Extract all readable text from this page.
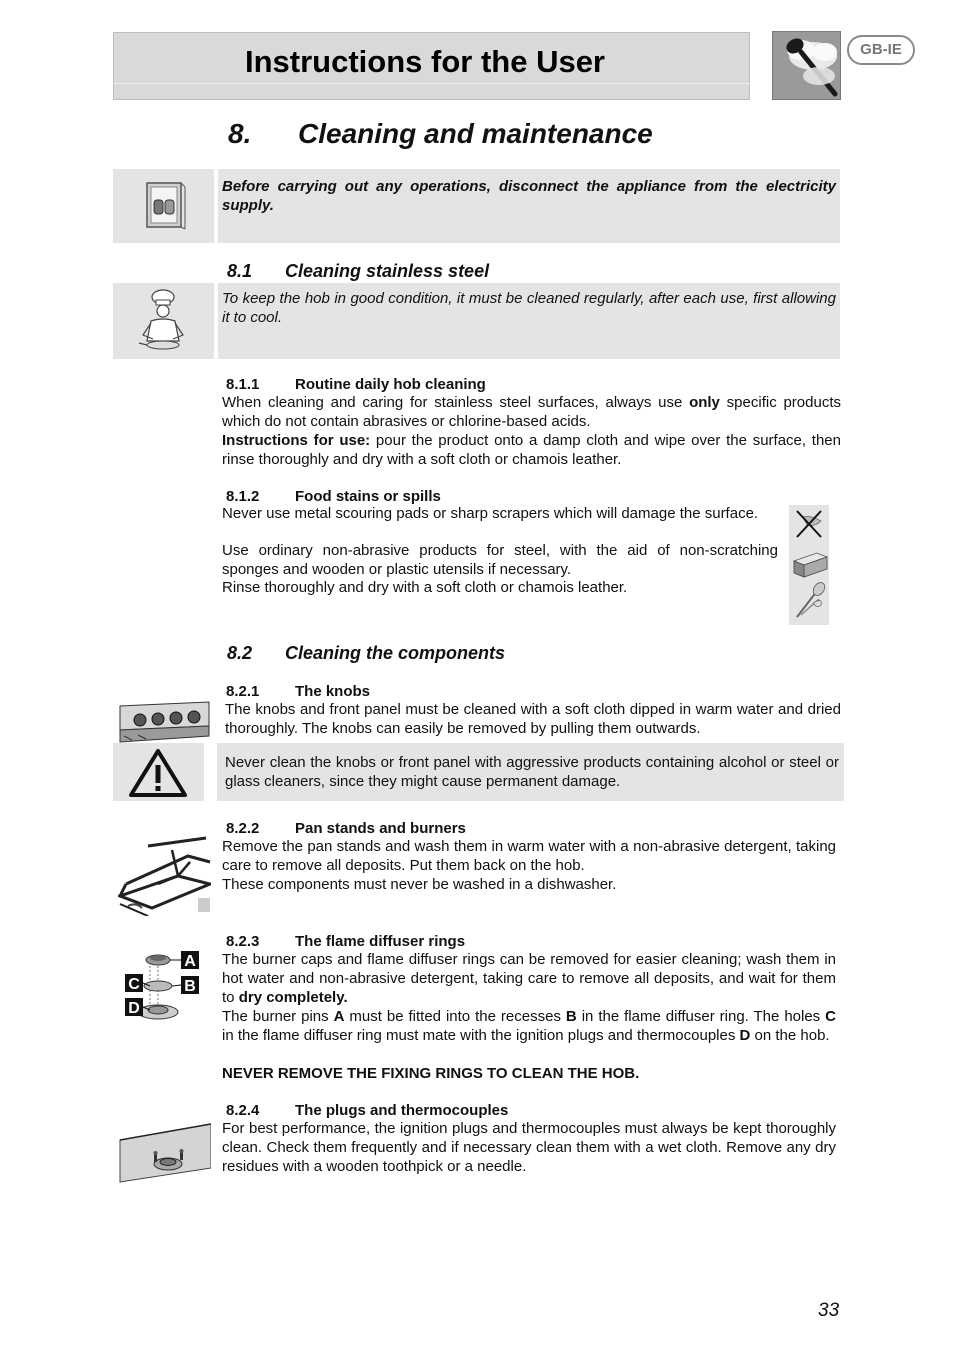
Instructions for the User	GB-IE
8. Cleaning and maintenance
Before carrying out any operations, disconnect the appliance from the electricity supply.
8.1 Cleaning stainless steel
To keep the hob in good condition, it must be cleaned regularly, after each use, first allowing it to cool.
8.1.1 Routine daily hob cleaning
When cleaning and caring for stainless steel surfaces, always use only specific products which do not contain abrasives or chlorine-based acids.
Instructions for use: pour the product onto a damp cloth and wipe over the surface, then rinse thoroughly and dry with a soft cloth or chamois leather.
8.1.2 Food stains or spills
Never use metal scouring pads or sharp scrapers which will damage the surface.
Use ordinary non-abrasive products for steel, with the aid of non-scratching sponges and wooden or plastic utensils if necessary.
Rinse thoroughly and dry with a soft cloth or chamois leather.
8.2 Cleaning the components
8.2.1 The knobs
The knobs and front panel must be cleaned with a soft cloth dipped in warm water and dried thoroughly. The knobs can easily be removed by pulling them outwards.
Never clean the knobs or front panel with aggressive products containing alcohol or steel or glass cleaners, since they might cause permanent damage.
8.2.2 Pan stands and burners
Remove the pan stands and wash them in warm water with a non-abrasive detergent, taking care to remove all deposits. Put them back on the hob.
These components must never be washed in a dishwasher.
8.2.3 The flame diffuser rings
A
B
C
D
The burner caps and flame diffuser rings can be removed for easier cleaning; wash them in hot water and non-abrasive detergent, taking care to remove all deposits, and wait for them to dry completely.
The burner pins A must be fitted into the recesses B in the flame diffuser ring. The holes C in the flame diffuser ring must mate with the ignition plugs and thermocouples D on the hob.
NEVER REMOVE THE FIXING RINGS TO CLEAN THE HOB.
8.2.4 The plugs and thermocouples
For best performance, the ignition plugs and thermocouples must always be kept thoroughly clean. Check them frequently and if necessary clean them with a wet cloth. Remove any dry residues with a wooden toothpick or a needle.
33
